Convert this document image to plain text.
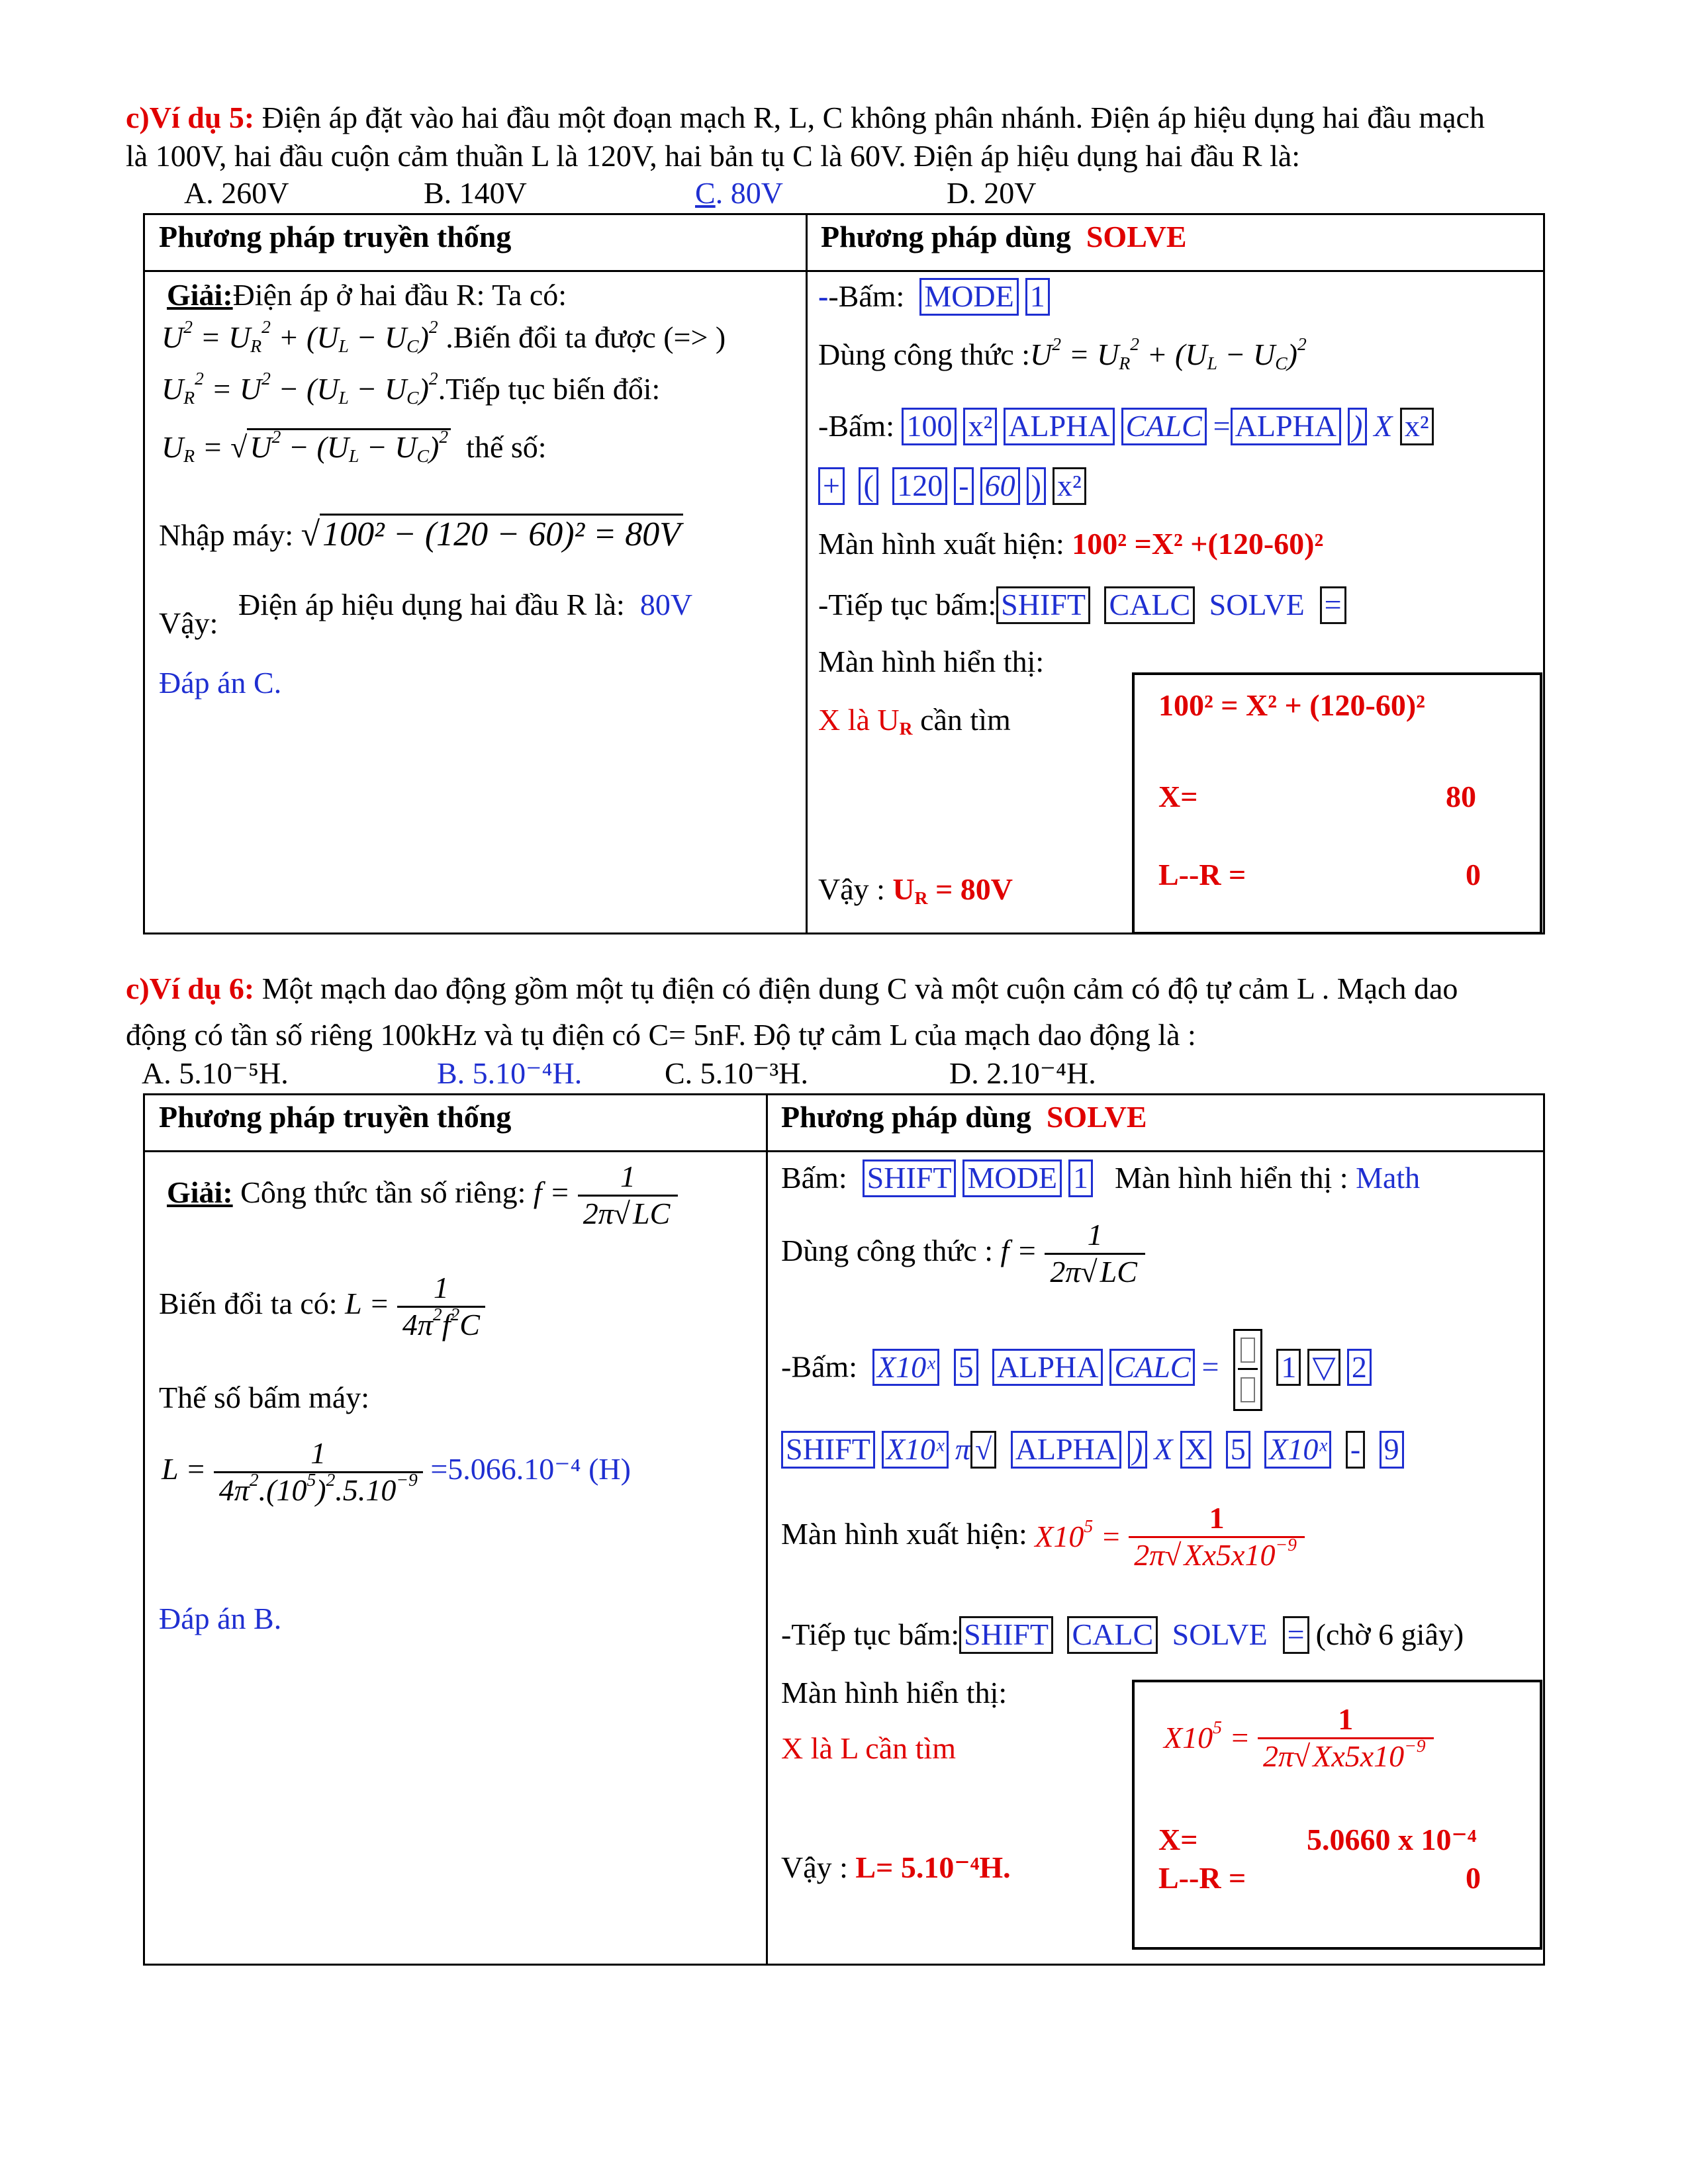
c)Ví dụ 5: Điện áp đặt vào hai đầu một đoạn mạch R, L, C không phân nhánh. Điện áp hiệu dụng hai đầu mạch
là 100V, hai đầu cuộn cảm thuần L là 120V, hai bản tụ C là 60V. Điện áp hiệu dụng hai đầu R là:
A. 260V	B. 140V	C. 80V	D. 20V

Phương pháp truyền thống	Phương pháp dùng SOLVE
Giải:Điện áp ở hai đầu R: Ta có:
$U^2 = U_R^2 + (U_L - U_C)^2$ .Biến đổi ta được (=> )
$U_R^2 = U^2 - (U_L$ − $U_C)^2.Tiếp$ tục biến đổi:
$U_R = √U^2 - (U_L - U_C)^2$ thế số:
Nhập máy: √100² − (120 − 60)² = 80V
Vậy:
Điện áp hiệu dụng hai đầu R là: 80V
Đáp án C.
--Bấm: MODE 1
Dùng công thức $:U^2 = U_R^2 + (U_L - U_C)^2$
-Bấm: 100 x² ALPHA CALC = ALPHA ) X x²
+ ( 120 - 60 ) x²
Màn hình xuất hiện: 100² =X² +(120-60)²
-Tiếp tục bấm: SHIFT CALC SOLVE =
Màn hình hiển thị:
X là $U_R$ cần tìm
Vậy : $U_R = 80V$
100² = X² + (120-60)²
X=	80
L--R =	0
c)Ví dụ 6: Một mạch dao động gồm một tụ điện có điện dung C và một cuộn cảm có độ tự cảm L . Mạch dao
động có tần số riêng 100kHz và tụ điện có C= 5nF. Độ tự cảm L của mạch dao động là :
A. 5.10⁻⁵H.	B. 5.10⁻⁴H.	C. 5.10⁻³H.	D. 2.10⁻⁴H.

Phương pháp truyền thống	Phương pháp dùng SOLVE
Giải: Công thức tần số riêng: $f = \frac{1}{2\pi√LC}$
Biến đổi ta có: $L = \frac{1}{4\pi^2f^2C}$
Thế số bấm máy:
$L = \frac{1}{4\pi^2.(10^5)^2.5.10^{-9}} =5.066.10^{-4}$ (H)
Đáp án B.
Bấm: SHIFT MODE 1 Màn hình hiển thị : Math
Dùng công thức : $f = \frac{1}{2\pi√LC}$
-Bấm: X10ˣ 5 ALPHA CALC = 1 ▽ 2
SHIFT X10ˣ π √ ALPHA ) X X 5 X10ˣ - 9
Màn hình xuất hiện: $X10^5 = \frac{1}{2\pi√Xx5x10^{-9}}$
-Tiếp tục bấm: SHIFT CALC SOLVE = (chờ 6 giây)
Màn hình hiển thị:
X là L cần tìm
Vậy : L= 5.10⁻⁴H.
$X10^5 = \frac{1}{2\pi√Xx5x10^{-9}}$
X=	5.0660 x 10⁻⁴
L--R =	0
